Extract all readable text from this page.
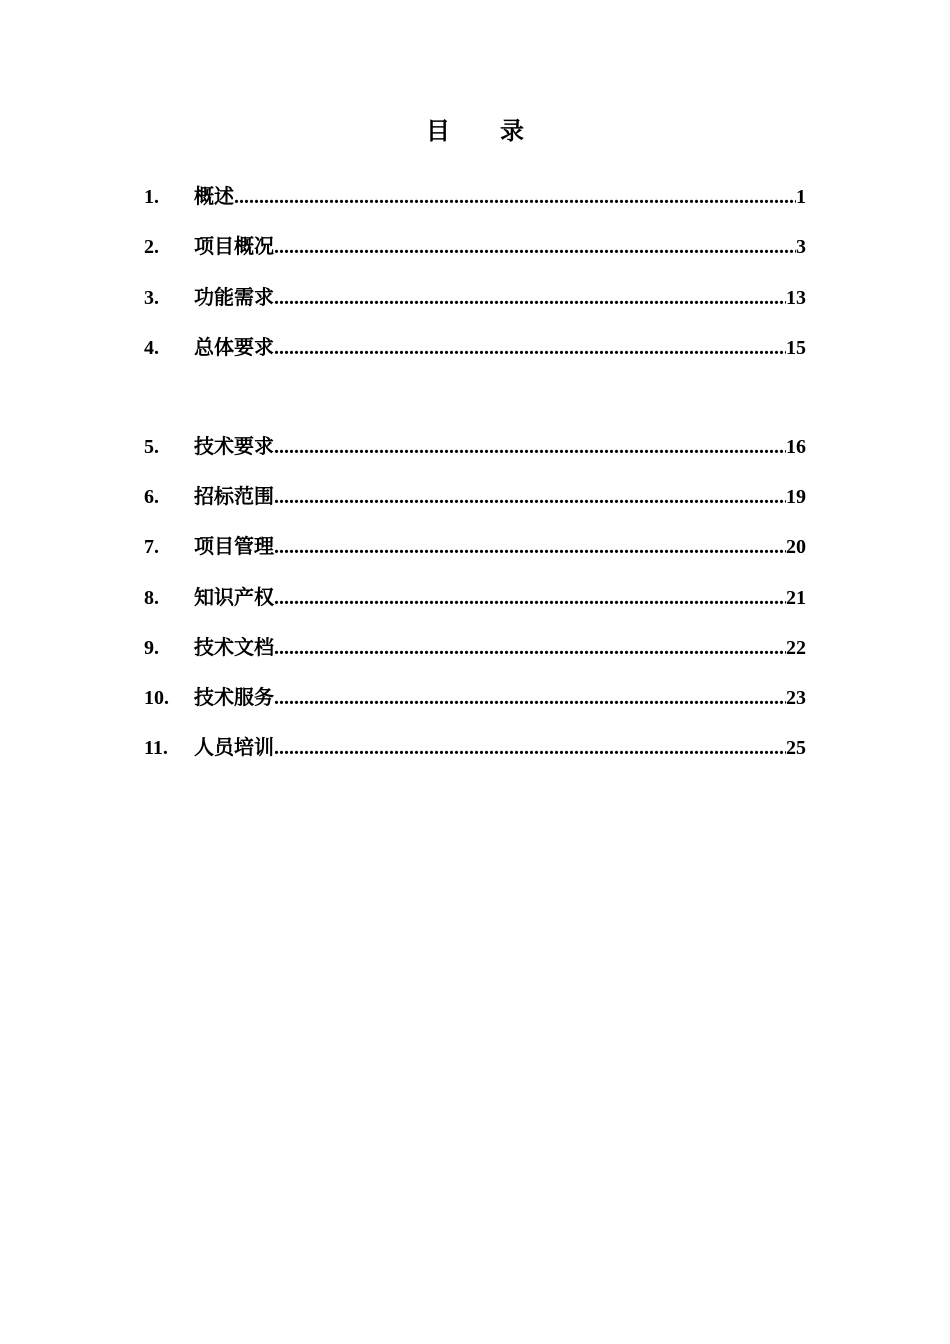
目 录
1.	概述 .....	1
2.	项目概况 .....	3
3.	功能需求 .....	13
4.	总体要求 .....	15
5.	技术要求 .....	16
6.	招标范围 .....	19
7.	项目管理 .....	20
8.	知识产权 .....	21
9.	技术文档 .....	22
10.	技术服务 .....	23
11.	人员培训 .....	25
